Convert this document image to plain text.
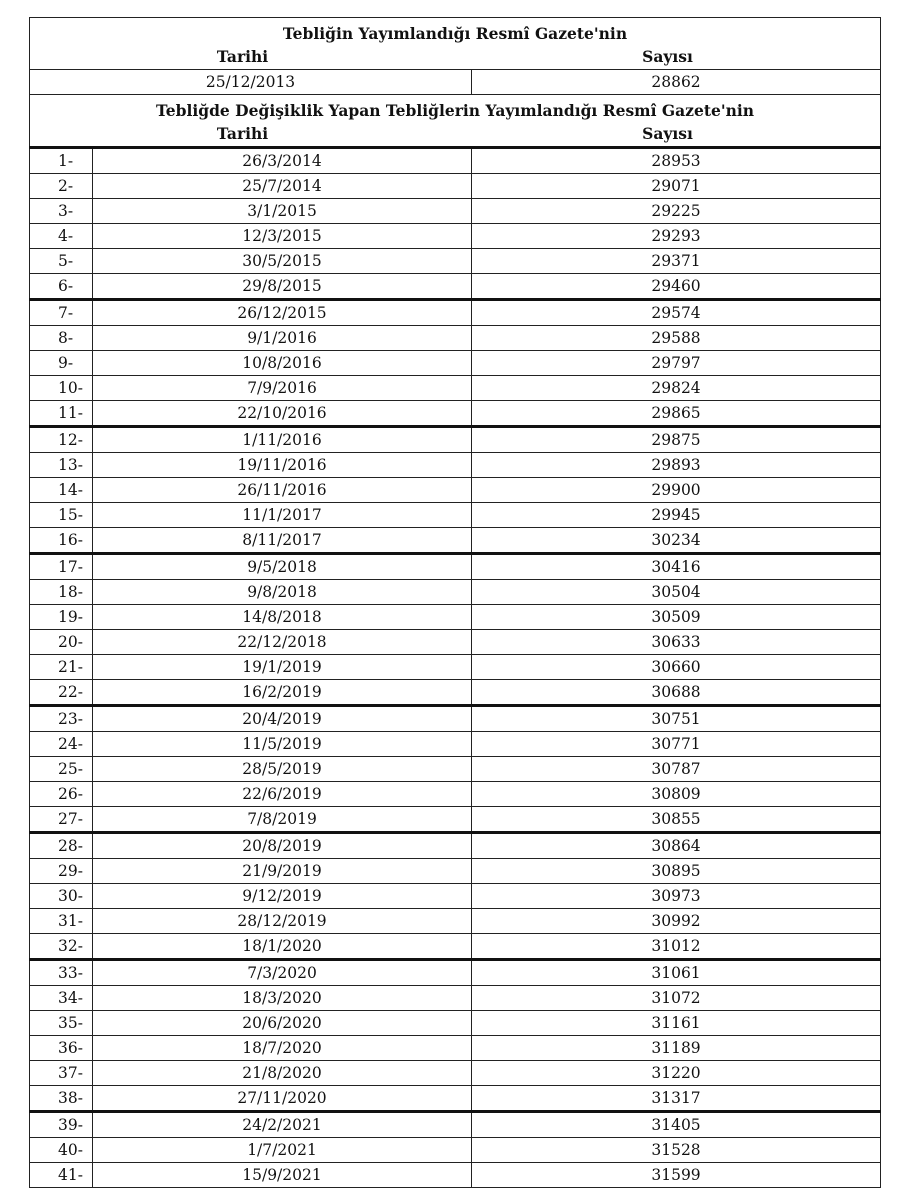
Tebliğin Yayımlandığı Resmî Gazete'nin
Tarihi Sayısı		

25/12/2013		28862

Tebliğde Değişiklik Yapan Tebliğlerin Yayımlandığı Resmî Gazete'nin
Tarihi Sayısı		

1-	26/3/2014	28953
2-	25/7/2014	29071
3-	3/1/2015	29225
4-	12/3/2015	29293
5-	30/5/2015	29371
6-	29/8/2015	29460
7-	26/12/2015	29574
8-	9/1/2016	29588
9-	10/8/2016	29797
10-	7/9/2016	29824
11-	22/10/2016	29865
12-	1/11/2016	29875
13-	19/11/2016	29893
14-	26/11/2016	29900
15-	11/1/2017	29945
16-	8/11/2017	30234
17-	9/5/2018	30416
18-	9/8/2018	30504
19-	14/8/2018	30509
20-	22/12/2018	30633
21-	19/1/2019	30660
22-	16/2/2019	30688
23-	20/4/2019	30751
24-	11/5/2019	30771
25-	28/5/2019	30787
26-	22/6/2019	30809
27-	7/8/2019	30855
28-	20/8/2019	30864
29-	21/9/2019	30895
30-	9/12/2019	30973
31-	28/12/2019	30992
32-	18/1/2020	31012
33-	7/3/2020	31061
34-	18/3/2020	31072
35-	20/6/2020	31161
36-	18/7/2020	31189
37-	21/8/2020	31220
38-	27/11/2020	31317
39-	24/2/2021	31405
40-	1/7/2021	31528
41-	15/9/2021	31599
